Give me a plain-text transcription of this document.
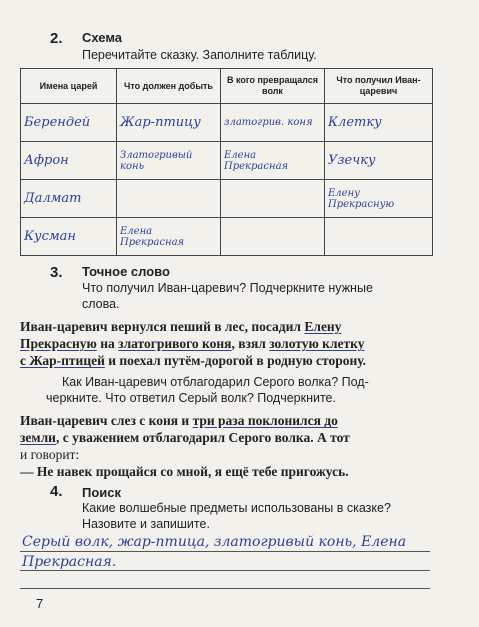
2. Схема
Перечитайте сказку. Заполните таблицу.
Имена царей	Что должен добыть	В кого превращался волк	Что получил Иван-царевич
Берендей	Жар-птицу	златогрив. коня	Клетку
Афрон	Златогривый конь	Елена Прекрасная	Узечку
Далмат			Елену Прекрасную
Кусман	Елена Прекрасная		
3. Точное слово
Что получил Иван-царевич? Подчеркните нужные
слова.
Иван-царевич вернулся пеший в лес, посадил Елену
Прекрасную на златогривого коня, взял золотую клетку
с Жар-птицей и поехал путём-дорогой в родную сторону.
Как Иван-царевич отблагодарил Серого волка? Под-
черкните. Что ответил Серый волк? Подчеркните.
Иван-царевич слез с коня и три раза поклонился до
земли, с уважением отблагодарил Серого волка. А тот
и говорит:
— Не навек прощайся со мной, я ещё тебе пригожусь.
4. Поиск
Какие волшебные предметы использованы в сказке?
Назовите и запишите.
Серый волк, жар-птица, златогривый конь, Елена
Прекрасная.
7
